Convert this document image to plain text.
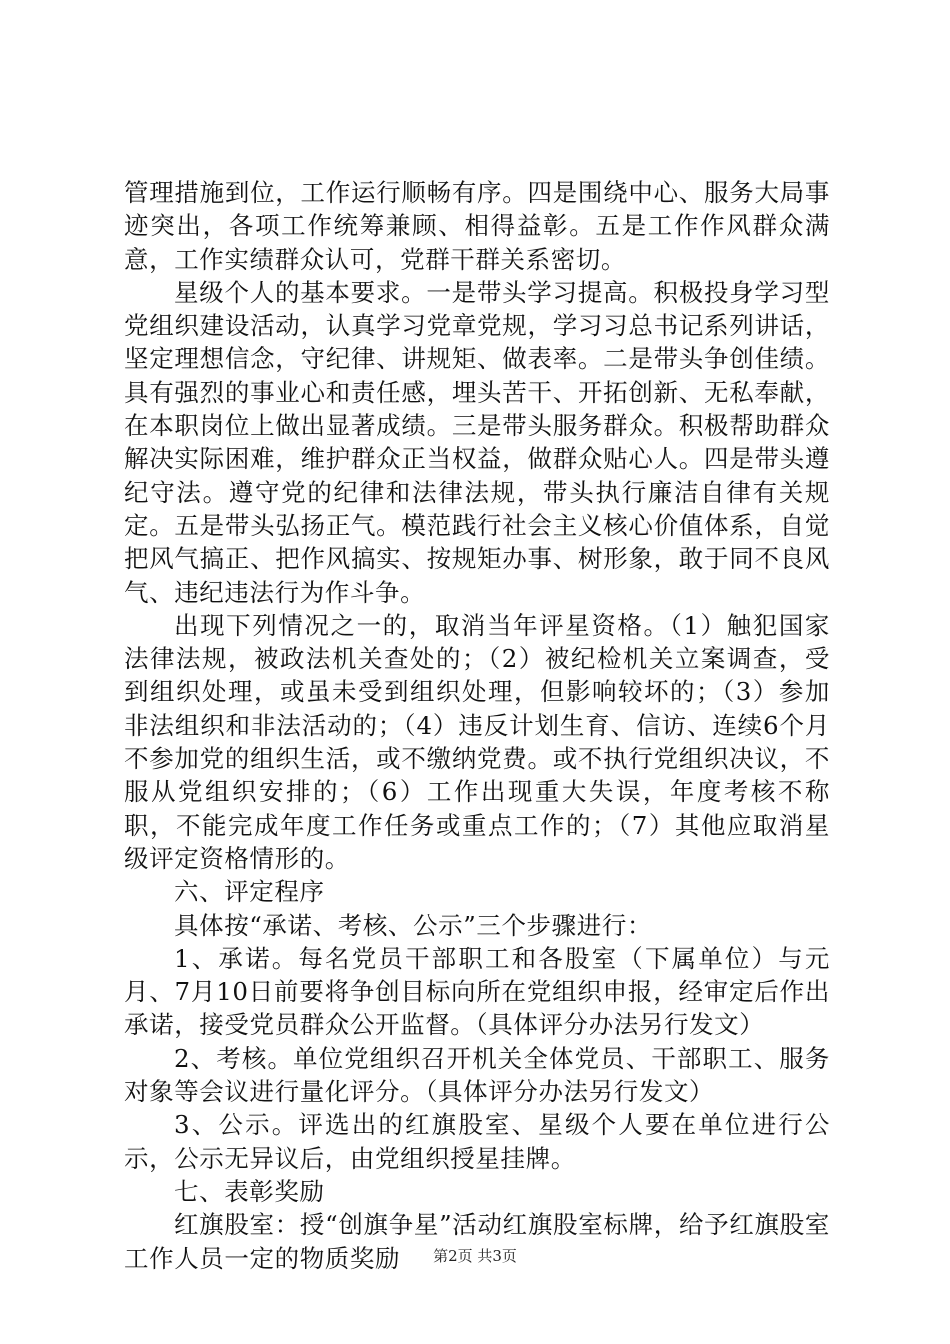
管理措施到位，工作运行顺畅有序。四是围绕中心、服务大局事迹突出，各项工作统筹兼顾、相得益彰。五是工作作风群众满意，工作实绩群众认可，党群干群关系密切。

星级个人的基本要求。一是带头学习提高。积极投身学习型党组织建设活动，认真学习党章党规，学习习总书记系列讲话，坚定理想信念，守纪律、讲规矩、做表率。二是带头争创佳绩。具有强烈的事业心和责任感，埋头苦干、开拓创新、无私奉献，在本职岗位上做出显著成绩。三是带头服务群众。积极帮助群众解决实际困难，维护群众正当权益，做群众贴心人。四是带头遵纪守法。遵守党的纪律和法律法规，带头执行廉洁自律有关规定。五是带头弘扬正气。模范践行社会主义核心价值体系，自觉把风气搞正、把作风搞实、按规矩办事、树形象，敢于同不良风气、违纪违法行为作斗争。

出现下列情况之一的，取消当年评星资格。（1）触犯国家法律法规，被政法机关查处的；（2）被纪检机关立案调查，受到组织处理，或虽未受到组织处理，但影响较坏的；（3）参加非法组织和非法活动的；（4）违反计划生育、信访、连续6个月不参加党的组织生活，或不缴纳党费。或不执行党组织决议，不服从党组织安排的；（6）工作出现重大失误，年度考核不称职，不能完成年度工作任务或重点工作的；（7）其他应取消星级评定资格情形的。

六、评定程序

具体按“承诺、考核、公示”三个步骤进行：

1、承诺。每名党员干部职工和各股室（下属单位）与元月、7月10日前要将争创目标向所在党组织申报，经审定后作出承诺，接受党员群众公开监督。（具体评分办法另行发文）

2、考核。单位党组织召开机关全体党员、干部职工、服务对象等会议进行量化评分。（具体评分办法另行发文）

3、公示。评选出的红旗股室、星级个人要在单位进行公示，公示无异议后，由党组织授星挂牌。

七、表彰奖励

红旗股室：授“创旗争星”活动红旗股室标牌，给予红旗股室工作人员一定的物质奖励	第2页 共3页
